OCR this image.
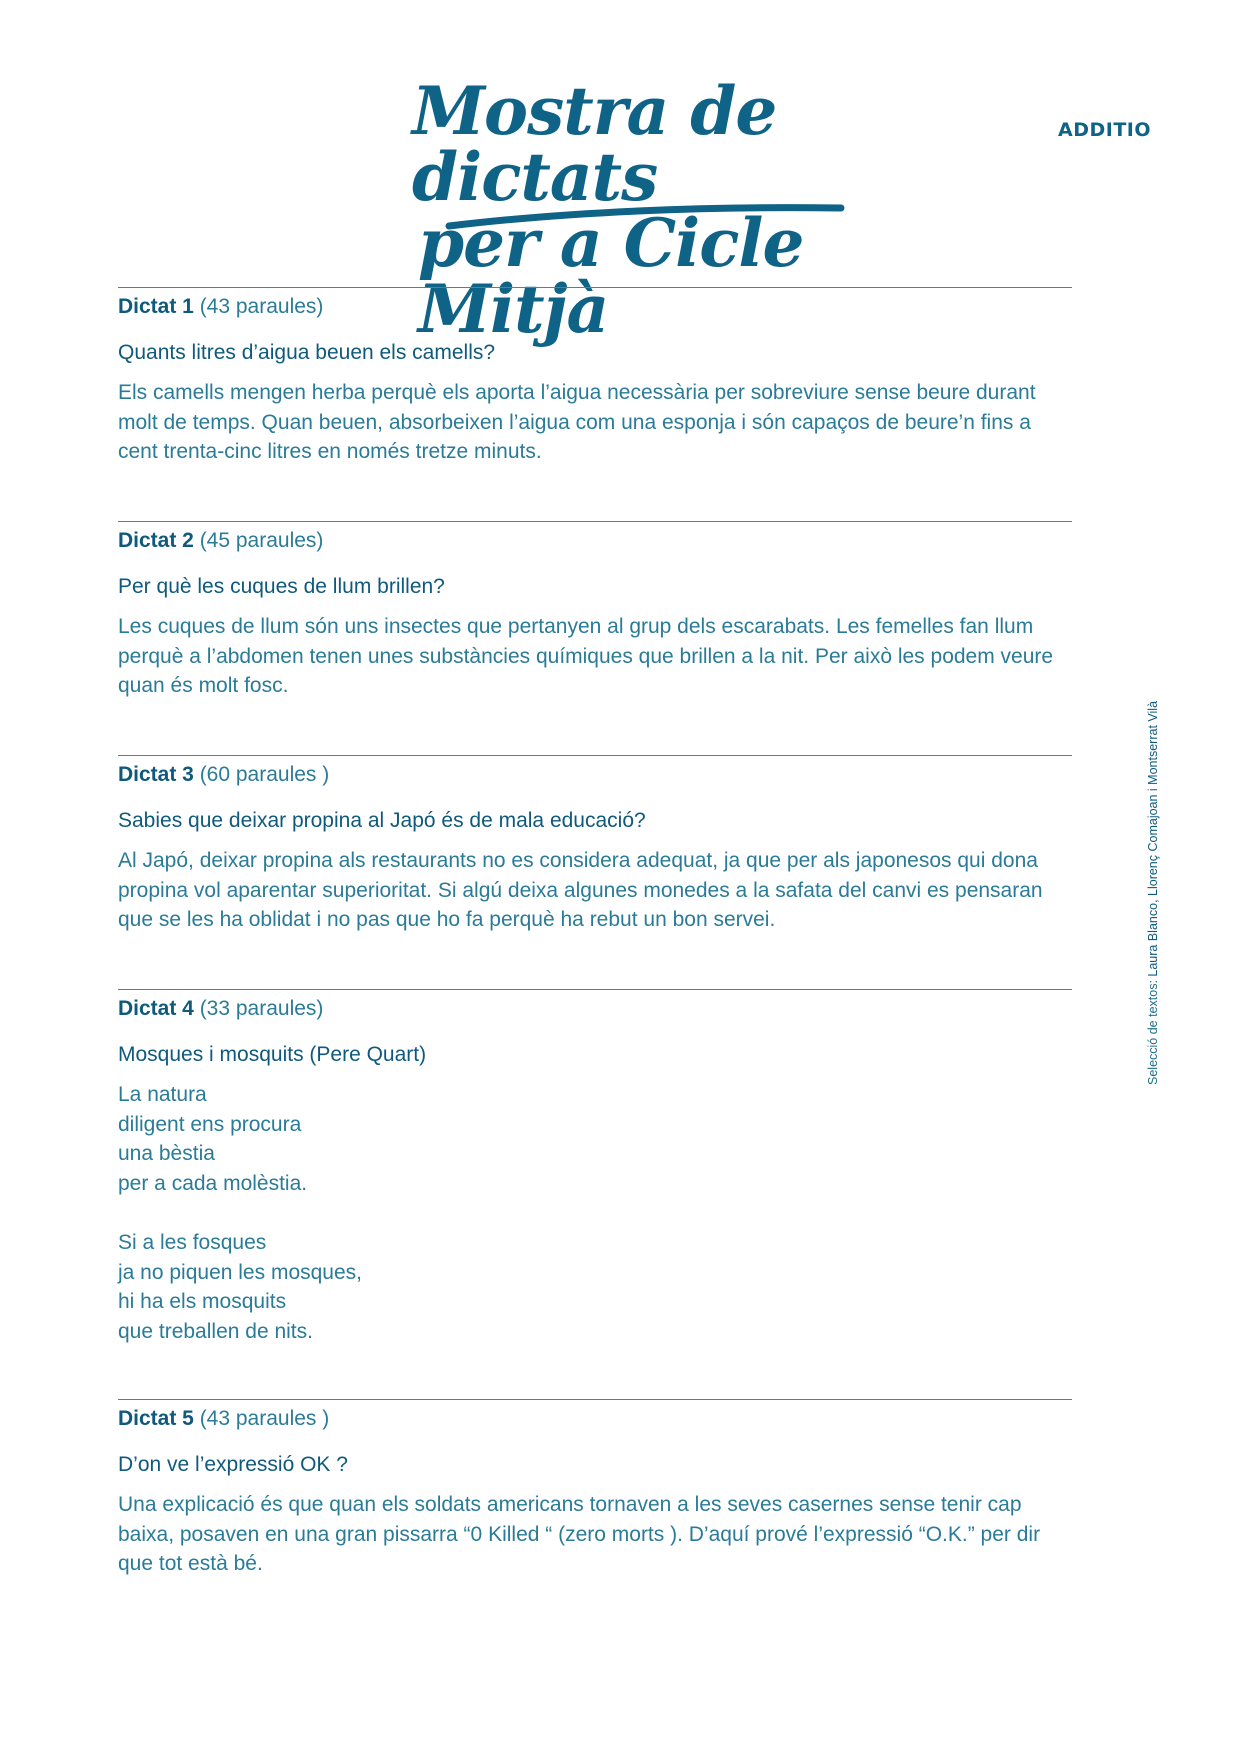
Mostra de dictats
per a Cicle Mitjà
ADDITIO
Selecció de textos: Laura Blanco, Llorenç Comajoan i Montserrat Vilà
Dictat 1 (43 paraules)
Quants litres d’aigua beuen els camells?
Els camells mengen herba perquè els aporta l’aigua necessària per sobreviure sense beure durant molt de temps. Quan beuen, absorbeixen l’aigua com una esponja i són capaços de beure’n fins a cent trenta-cinc litres en només tretze minuts.
Dictat 2 (45 paraules)
Per què les cuques de llum brillen?
Les cuques de llum són uns insectes que pertanyen al grup dels escarabats. Les femelles fan llum perquè a l’abdomen tenen unes substàncies químiques que brillen a la nit. Per això les podem veure quan és molt fosc.
Dictat 3 (60 paraules )
Sabies que deixar propina al Japó és de mala educació?
Al Japó, deixar propina als restaurants no es considera adequat, ja que per als japonesos qui dona propina vol aparentar superioritat. Si algú deixa algunes monedes a la safata del canvi es pensaran que se les ha oblidat i no pas que ho fa perquè ha rebut un bon servei.
Dictat 4 (33 paraules)
Mosques i mosquits (Pere Quart)
La natura
diligent ens procura
una bèstia
per a cada molèstia.
Si a les fosques
ja no piquen les mosques,
hi ha els mosquits
que treballen de nits.
Dictat 5 (43 paraules )
D’on ve l’expressió OK ?
Una explicació és que quan els soldats americans tornaven a les seves casernes sense tenir cap baixa, posaven en una gran pissarra “0 Killed “ (zero morts ). D’aquí prové l’expressió “O.K.” per dir que tot està bé.
